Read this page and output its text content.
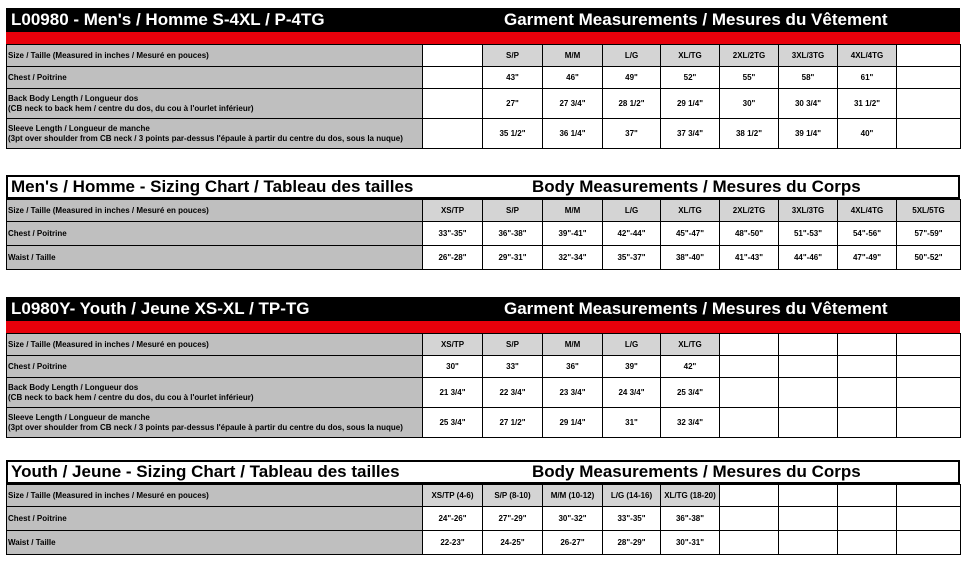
L00980 - Men's / Homme S-4XL / P-4TG	Garment Measurements / Mesures du Vêtement
Size / Taille (Measured in inches / Mesuré en pouces)		S/P	M/M	L/G	XL/TG	2XL/2TG	3XL/3TG	4XL/4TG	

Chest / Poitrine		43"	46"	49"	52"	55"	58"	61"	

Back Body Length / Longueur dos
(CB neck to back hem / centre du dos, du cou à l'ourlet inférieur)		27"	27 3/4"	28 1/2"	29 1/4"	30"	30 3/4"	31 1/2"	

Sleeve Length / Longueur de manche
(3pt over shoulder from CB neck / 3 points par-dessus l'épaule à partir du centre du dos, sous la nuque)		35 1/2"	36 1/4"	37"	37 3/4"	38 1/2"	39 1/4"	40"	
Men's / Homme - Sizing Chart / Tableau des tailles	Body Measurements / Mesures du Corps
Size / Taille (Measured in inches / Mesuré en pouces)	XS/TP	S/P	M/M	L/G	XL/TG	2XL/2TG	3XL/3TG	4XL/4TG	5XL/5TG

Chest / Poitrine	33"-35"	36"-38"	39"-41"	42"-44"	45"-47"	48"-50"	51"-53"	54"-56"	57"-59"

Waist / Taille	26"-28"	29"-31"	32"-34"	35"-37"	38"-40"	41"-43"	44"-46"	47"-49"	50"-52"
L0980Y- Youth / Jeune XS-XL / TP-TG	Garment Measurements / Mesures du Vêtement
Size / Taille (Measured in inches / Mesuré en pouces)	XS/TP	S/P	M/M	L/G	XL/TG				

Chest / Poitrine	30"	33"	36"	39"	42"				

Back Body Length / Longueur dos
(CB neck to back hem / centre du dos, du cou à l'ourlet inférieur)	21 3/4"	22 3/4"	23 3/4"	24 3/4"	25 3/4"				

Sleeve Length / Longueur de manche
(3pt over shoulder from CB neck / 3 points par-dessus l'épaule à partir du centre du dos, sous la nuque)	25 3/4"	27 1/2"	29 1/4"	31"	32 3/4"				
Youth / Jeune - Sizing Chart / Tableau des tailles	Body Measurements / Mesures du Corps
Size / Taille (Measured in inches / Mesuré en pouces)	XS/TP (4-6)	S/P (8-10)	M/M (10-12)	L/G (14-16)	XL/TG (18-20)				

Chest / Poitrine	24"-26"	27"-29"	30"-32"	33"-35"	36"-38"				

Waist / Taille	22-23"	24-25"	26-27"	28"-29"	30"-31"				
